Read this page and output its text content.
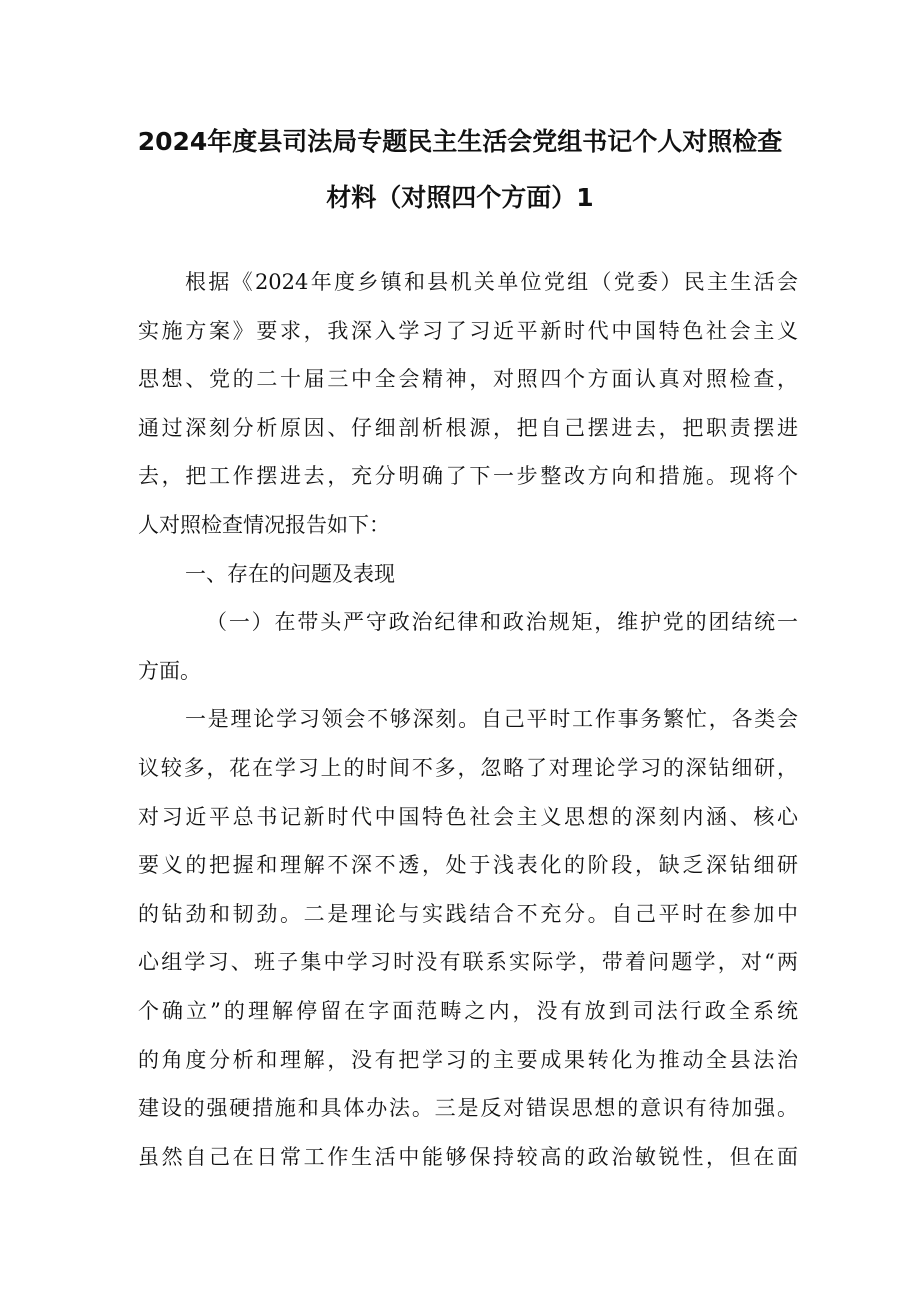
2024年度县司法局专题民主生活会党组书记个人对照检查
材料（对照四个方面）1
根据《2024年度乡镇和县机关单位党组（党委）民主生活会
实施方案》要求，我深入学习了习近平新时代中国特色社会主义
思想、党的二十届三中全会精神，对照四个方面认真对照检查，
通过深刻分析原因、仔细剖析根源，把自己摆进去，把职责摆进
去，把工作摆进去，充分明确了下一步整改方向和措施。现将个
人对照检查情况报告如下：
一、存在的问题及表现
（一）在带头严守政治纪律和政治规矩，维护党的团结统一
方面。
一是理论学习领会不够深刻。自己平时工作事务繁忙，各类会
议较多，花在学习上的时间不多，忽略了对理论学习的深钻细研，
对习近平总书记新时代中国特色社会主义思想的深刻内涵、核心
要义的把握和理解不深不透，处于浅表化的阶段，缺乏深钻细研
的钻劲和韧劲。二是理论与实践结合不充分。自己平时在参加中
心组学习、班子集中学习时没有联系实际学，带着问题学，对“两
个确立”的理解停留在字面范畴之内，没有放到司法行政全系统
的角度分析和理解，没有把学习的主要成果转化为推动全县法治
建设的强硬措施和具体办法。三是反对错误思想的意识有待加强。
虽然自己在日常工作生活中能够保持较高的政治敏锐性，但在面
